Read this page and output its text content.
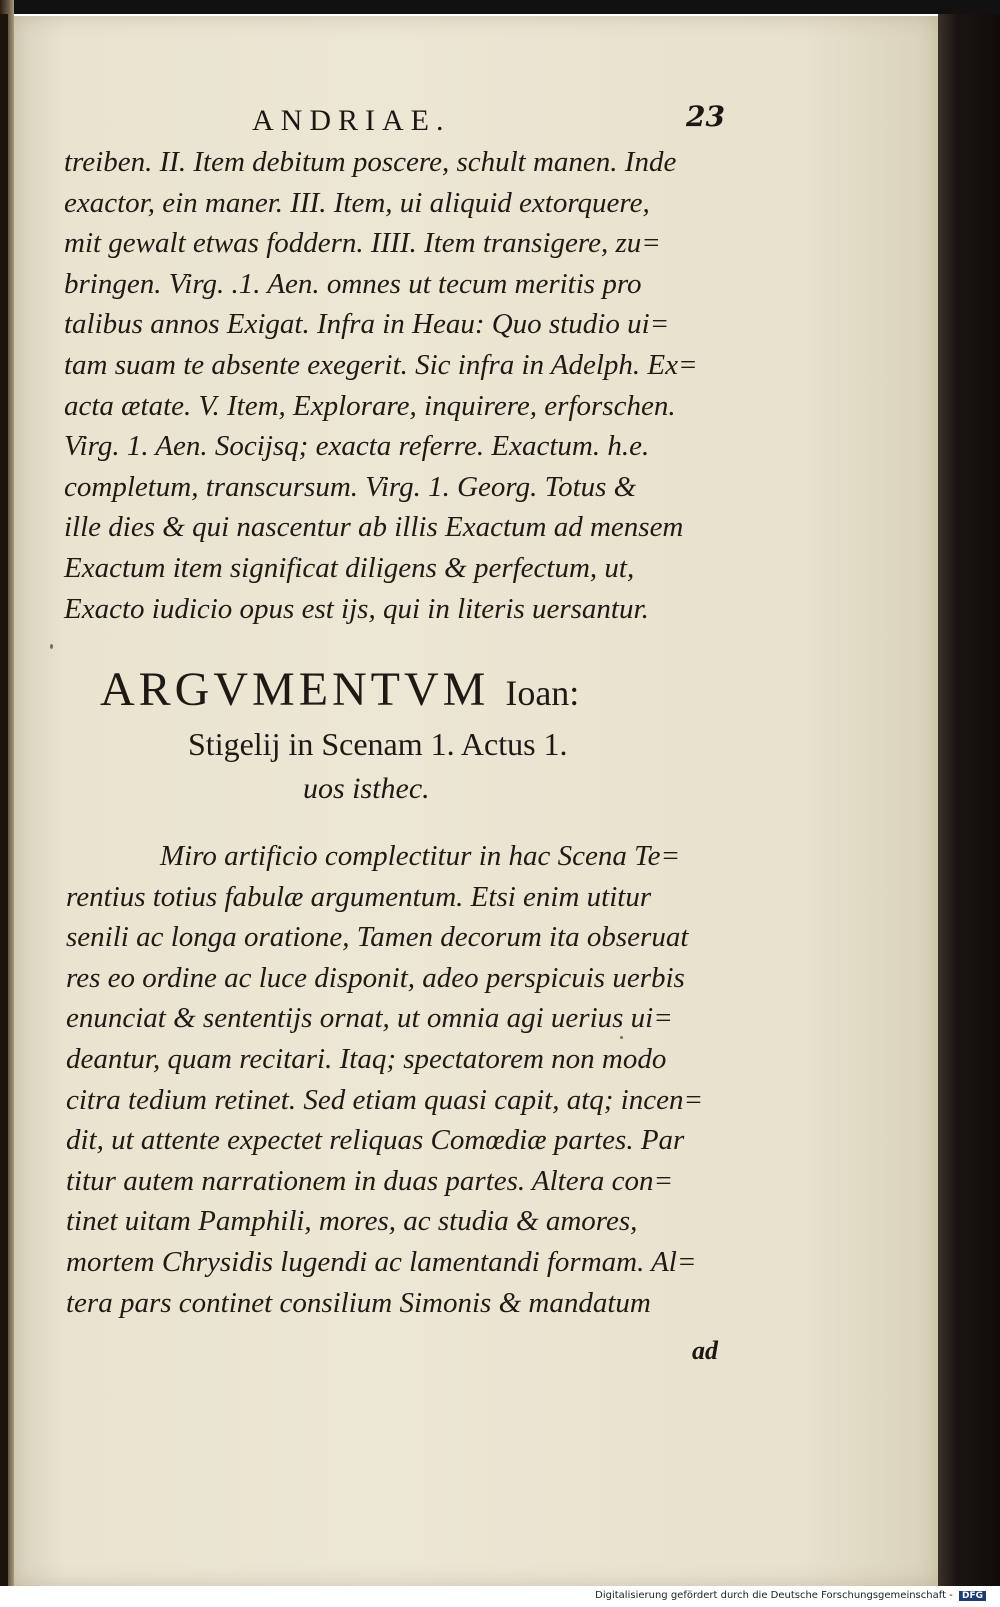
ANDRIAE.	23
treiben. II. Item debitum poscere, schult manen. Inde
exactor, ein maner. III. Item, ui aliquid extorquere,
mit gewalt etwas foddern. IIII. Item transigere, zu=
bringen. Virg. .1. Aen. omnes ut tecum meritis pro
talibus annos Exigat. Infra in Heau: Quo studio ui=
tam suam te absente exegerit. Sic infra in Adelph. Ex=
acta ætate. V. Item, Explorare, inquirere, erforschen.
Virg. 1. Aen. Socijsq; exacta referre. Exactum. h.e.
completum, transcursum. Virg. 1. Georg. Totus &
ille dies & qui nascentur ab illis Exactum ad mensem
Exactum item significat diligens & perfectum, ut,
Exacto iudicio opus est ijs, qui in literis uersantur.
ARGVMENTVM Ioan:
Stigelij in Scenam 1. Actus 1.
uos isthec.
Miro artificio complectitur in hac Scena Te=
rentius totius fabulæ argumentum. Etsi enim utitur
senili ac longa oratione, Tamen decorum ita obseruat
res eo ordine ac luce disponit, adeo perspicuis uerbis
enunciat & sententijs ornat, ut omnia agi uerius ui=
deantur, quam recitari. Itaq; spectatorem non modo
citra tedium retinet. Sed etiam quasi capit, atq; incen=
dit, ut attente expectet reliquas Comœdiæ partes. Par
titur autem narrationem in duas partes. Altera con=
tinet uitam Pamphili, mores, ac studia & amores,
mortem Chrysidis lugendi ac lamentandi formam. Al=
tera pars continet consilium Simonis & mandatum
ad
Digitalisierung gefördert durch die Deutsche Forschungsgemeinschaft - DFG
